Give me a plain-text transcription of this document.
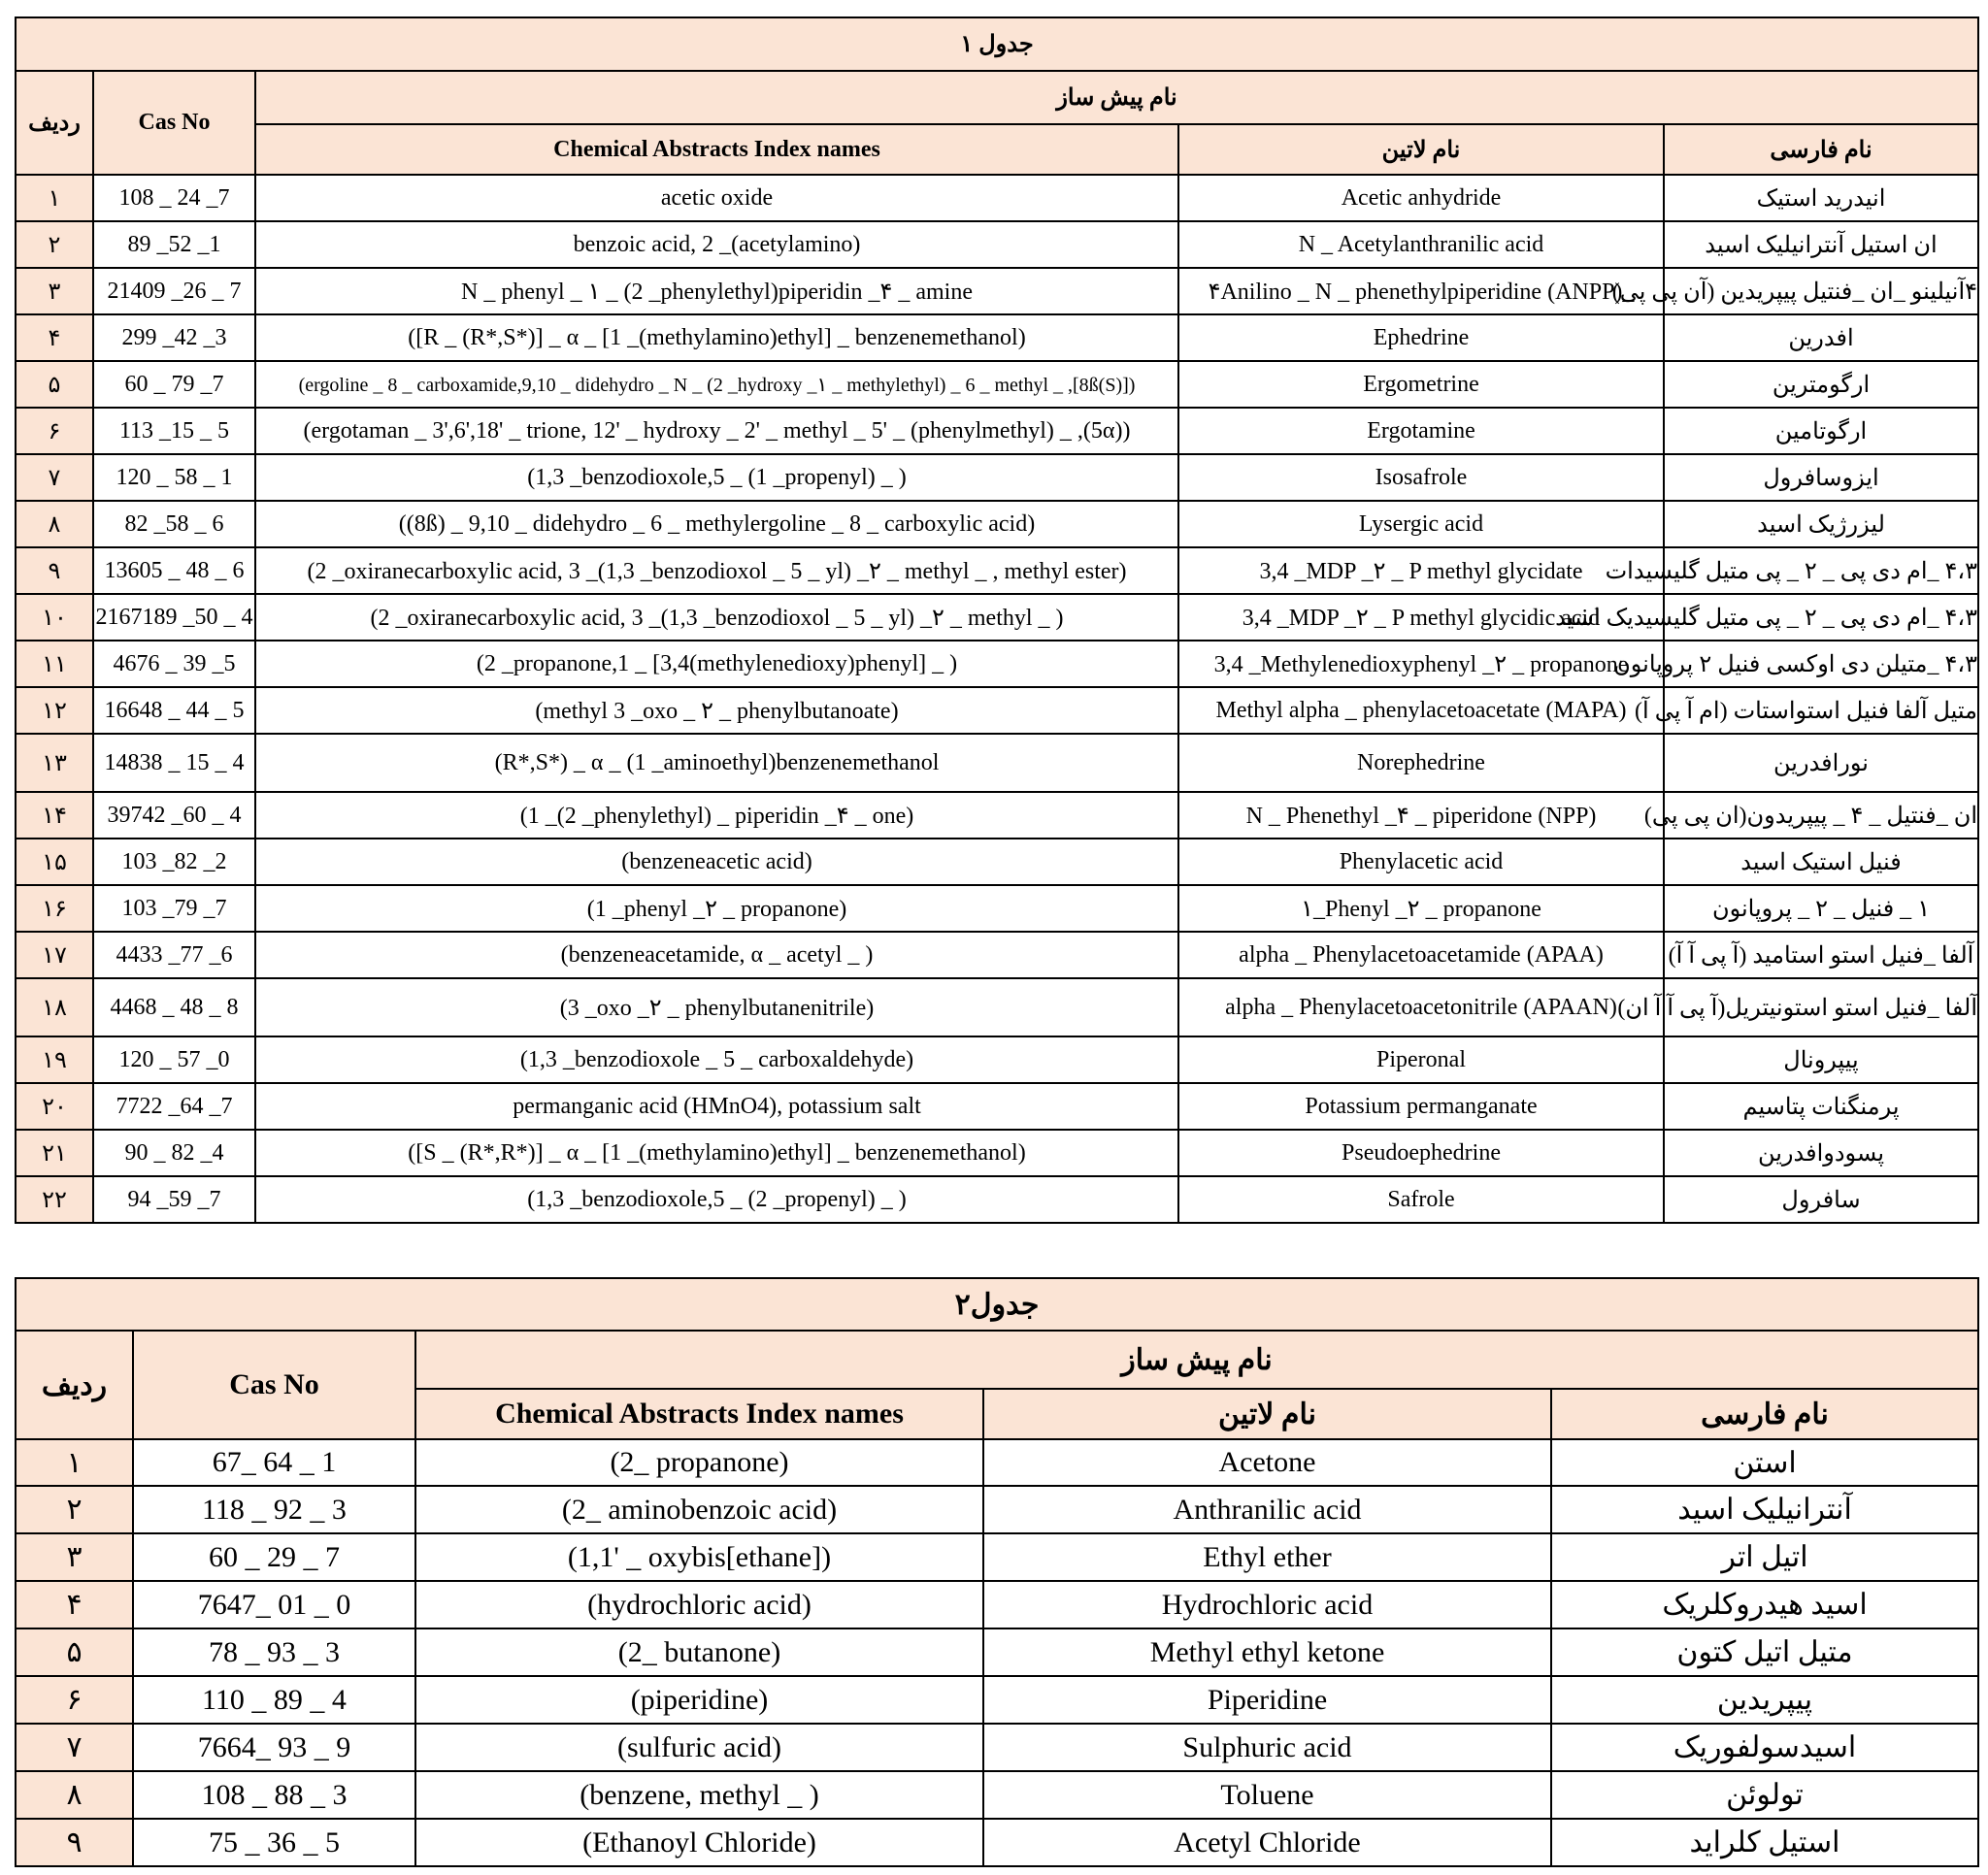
جدول ۱				
ردیف	Cas No	نام پیش ساز		
		Chemical Abstracts Index names	نام لاتین	نام فارسی
۱	108 _ 24 _7	acetic oxide	Acetic anhydride	انیدرید استیک
۲	89 _52 _1	benzoic acid, 2 _(acetylamino)	N _ Acetylanthranilic acid	ان استیل آنترانیلیک اسید
۳	21409 _26 _ 7	N _ phenyl _ ۱ _ (2 _phenylethyl)piperidin _۴ _ amine	۴Anilino _ N _ phenethylpiperidine (ANPP)_	۴آنیلینو _ان _فنتیل پیپریدین (آن پی پی)
۴	299 _42 _3	([R _ (R*,S*)] _ α _ [1 _(methylamino)ethyl] _ benzenemethanol)	Ephedrine	افدرین
۵	60 _ 79 _7	(ergoline _ 8 _ carboxamide,9,10 _ didehydro _ N _ (2 _hydroxy _۱ _ methylethyl) _ 6 _ methyl _ ,[8ß(S)])	Ergometrine	ارگومترین
۶	113 _15 _ 5	(ergotaman _ 3',6',18' _ trione, 12' _ hydroxy _ 2' _ methyl _ 5' _ (phenylmethyl) _ ,(5α))	Ergotamine	ارگوتامین
۷	120 _ 58 _ 1	(1,3 _benzodioxole,5 _ (1 _propenyl) _ )	Isosafrole	ایزوسافرول
۸	82 _58 _ 6	((8ß) _ 9,10 _ didehydro _ 6 _ methylergoline _ 8 _ carboxylic acid)	Lysergic acid	لیزرژیک اسید
۹	13605 _ 48 _ 6	(2 _oxiranecarboxylic acid, 3 _(1,3 _benzodioxol _ 5 _ yl) _۲ _ methyl _ , methyl ester)	3,4 _MDP _۲ _ P methyl glycidate	۴،۳ _ام دی پی _ ۲ _ پی متیل گلیسیدات
۱۰	2167189 _50 _ 4	(2 _oxiranecarboxylic acid, 3 _(1,3 _benzodioxol _ 5 _ yl) _۲ _ methyl _ )	3,4 _MDP _۲ _ P methyl glycidic acid	۴،۳ _ام دی پی _ ۲ _ پی متیل گلیسیدیک اسید
۱۱	4676 _ 39 _5	(2 _propanone,1 _ [3,4(methylenedioxy)phenyl] _ )	3,4 _Methylenedioxyphenyl _۲ _ propanone	۴،۳ _متیلن دی اوکسی فنیل ۲ پروپانون
۱۲	16648 _ 44 _ 5	(methyl 3 _oxo _ ۲ _ phenylbutanoate)	Methyl alpha _ phenylacetoacetate (MAPA)	متیل آلفا فنیل استواستات (ام آ پی آ)
۱۳	14838 _ 15 _ 4	(R*,S*) _ α _ (1 _aminoethyl)benzenemethanol	Norephedrine	نورافدرین
۱۴	39742 _60 _ 4	(1 _(2 _phenylethyl) _ piperidin _۴ _ one)	N _ Phenethyl _۴ _ piperidone (NPP)	ان _فنتیل _ ۴ _ پیپریدون(ان پی پی)
۱۵	103 _82 _2	(benzeneacetic acid)	Phenylacetic acid	فنیل استیک اسید
۱۶	103 _79 _7	(1 _phenyl _۲ _ propanone)	۱_Phenyl _۲ _ propanone	۱ _ فنیل _ ۲ _ پروپانون
۱۷	4433 _77 _6	(benzeneacetamide, α _ acetyl _ )	alpha _ Phenylacetoacetamide (APAA)	آلفا _فنیل استو استامید (آ پی آ آ)
۱۸	4468 _ 48 _ 8	(3 _oxo _۲ _ phenylbutanenitrile)	alpha _ Phenylacetoacetonitrile (APAAN)	آلفا _فنیل استو استونیتریل(آ پی آ آ ان)
۱۹	120 _ 57 _0	(1,3 _benzodioxole _ 5 _ carboxaldehyde)	Piperonal	پیپرونال
۲۰	7722 _64 _7	permanganic acid (HMnO4), potassium salt	Potassium permanganate	پرمنگنات پتاسیم
۲۱	90 _ 82 _4	([S _ (R*,R*)] _ α _ [1 _(methylamino)ethyl] _ benzenemethanol)	Pseudoephedrine	پسودوافدرین
۲۲	94 _59 _7	(1,3 _benzodioxole,5 _ (2 _propenyl) _ )	Safrole	سافرول
جدول۲				
ردیف	Cas No	نام پیش ساز		
		Chemical Abstracts Index names	نام لاتین	نام فارسی
۱	67_ 64 _ 1	(2_ propanone)	Acetone	استن
۲	118 _ 92 _ 3	(2_ aminobenzoic acid)	Anthranilic acid	آنترانیلیک اسید
۳	60 _ 29 _ 7	(1,1' _ oxybis[ethane])	Ethyl ether	اتیل اتر
۴	7647_ 01 _ 0	(hydrochloric acid)	Hydrochloric acid	اسید هیدروکلریک
۵	78 _ 93 _ 3	(2_ butanone)	Methyl ethyl ketone	متیل اتیل کتون
۶	110 _ 89 _ 4	(piperidine)	Piperidine	پیپریدین
۷	7664_ 93 _ 9	(sulfuric acid)	Sulphuric acid	اسیدسولفوریک
۸	108 _ 88 _ 3	(benzene, methyl _ )	Toluene	تولوئن
۹	75 _ 36 _ 5	(Ethanoyl Chloride)	Acetyl Chloride	استیل کلراید
